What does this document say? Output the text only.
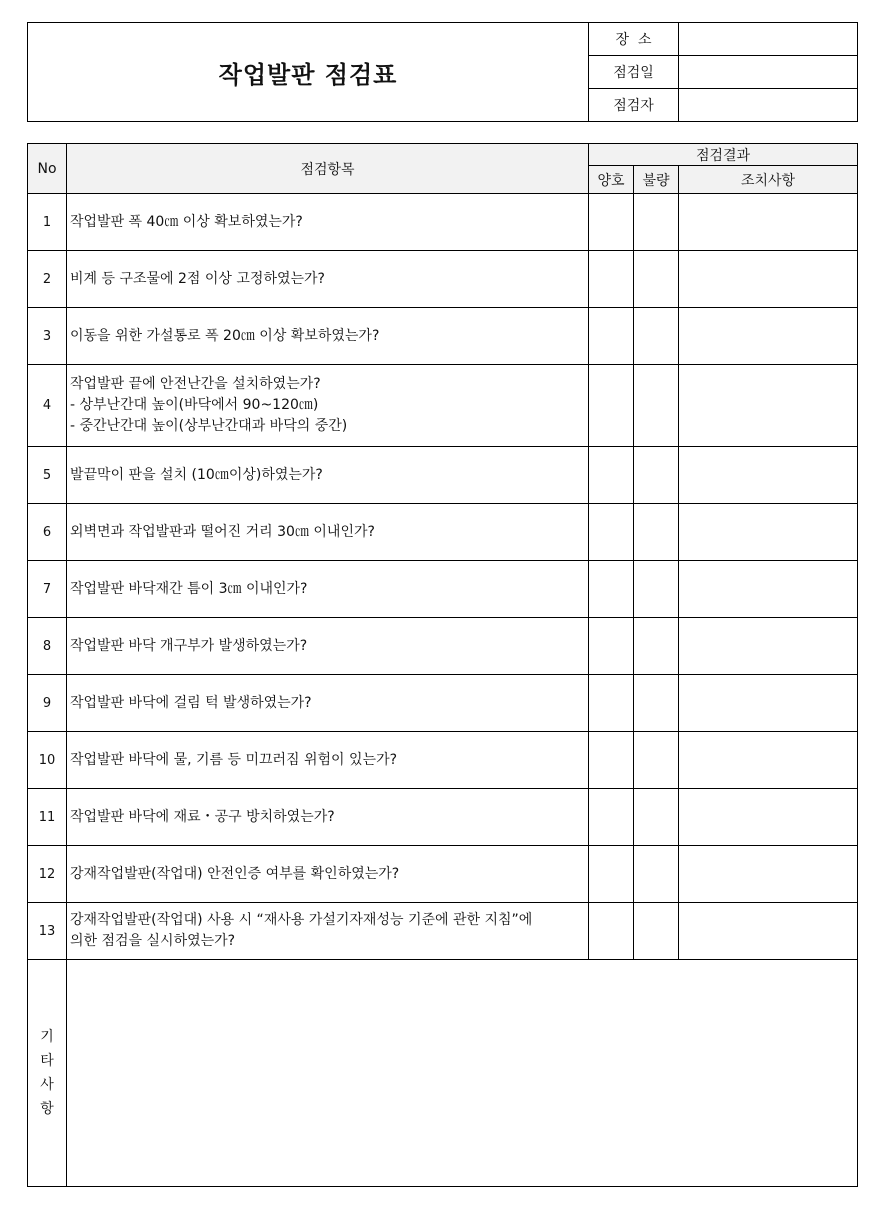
작업발판 점검표	장  소	
	점검일	
	점검자	
No	점검항목	점검결과		
		양호	불량	조치사항
1	작업발판 폭 40㎝ 이상 확보하였는가?			

2	비계 등 구조물에 2점 이상 고정하였는가?			

3	이동을 위한 가설통로 폭 20㎝ 이상 확보하였는가?			

4	작업발판 끝에 안전난간을 설치하였는가?
- 상부난간대 높이(바닥에서 90~120㎝)
- 중간난간대 높이(상부난간대과 바닥의 중간)			

5	발끝막이 판을 설치 (10㎝이상)하였는가?			

6	외벽면과 작업발판과 떨어진 거리 30㎝ 이내인가?			

7	작업발판 바닥재간 틈이 3㎝ 이내인가?			

8	작업발판 바닥 개구부가 발생하였는가?			

9	작업발판 바닥에 걸림 턱 발생하였는가?			

10	작업발판 바닥에 물, 기름 등 미끄러짐 위험이 있는가?			

11	작업발판 바닥에 재료・공구 방치하였는가?			

12	강재작업발판(작업대) 안전인증 여부를 확인하였는가?			

13	강재작업발판(작업대) 사용 시 “재사용 가설기자재성능 기준에 관한 지침”에
의한 점검을 실시하였는가?			

기
타
사
항				
